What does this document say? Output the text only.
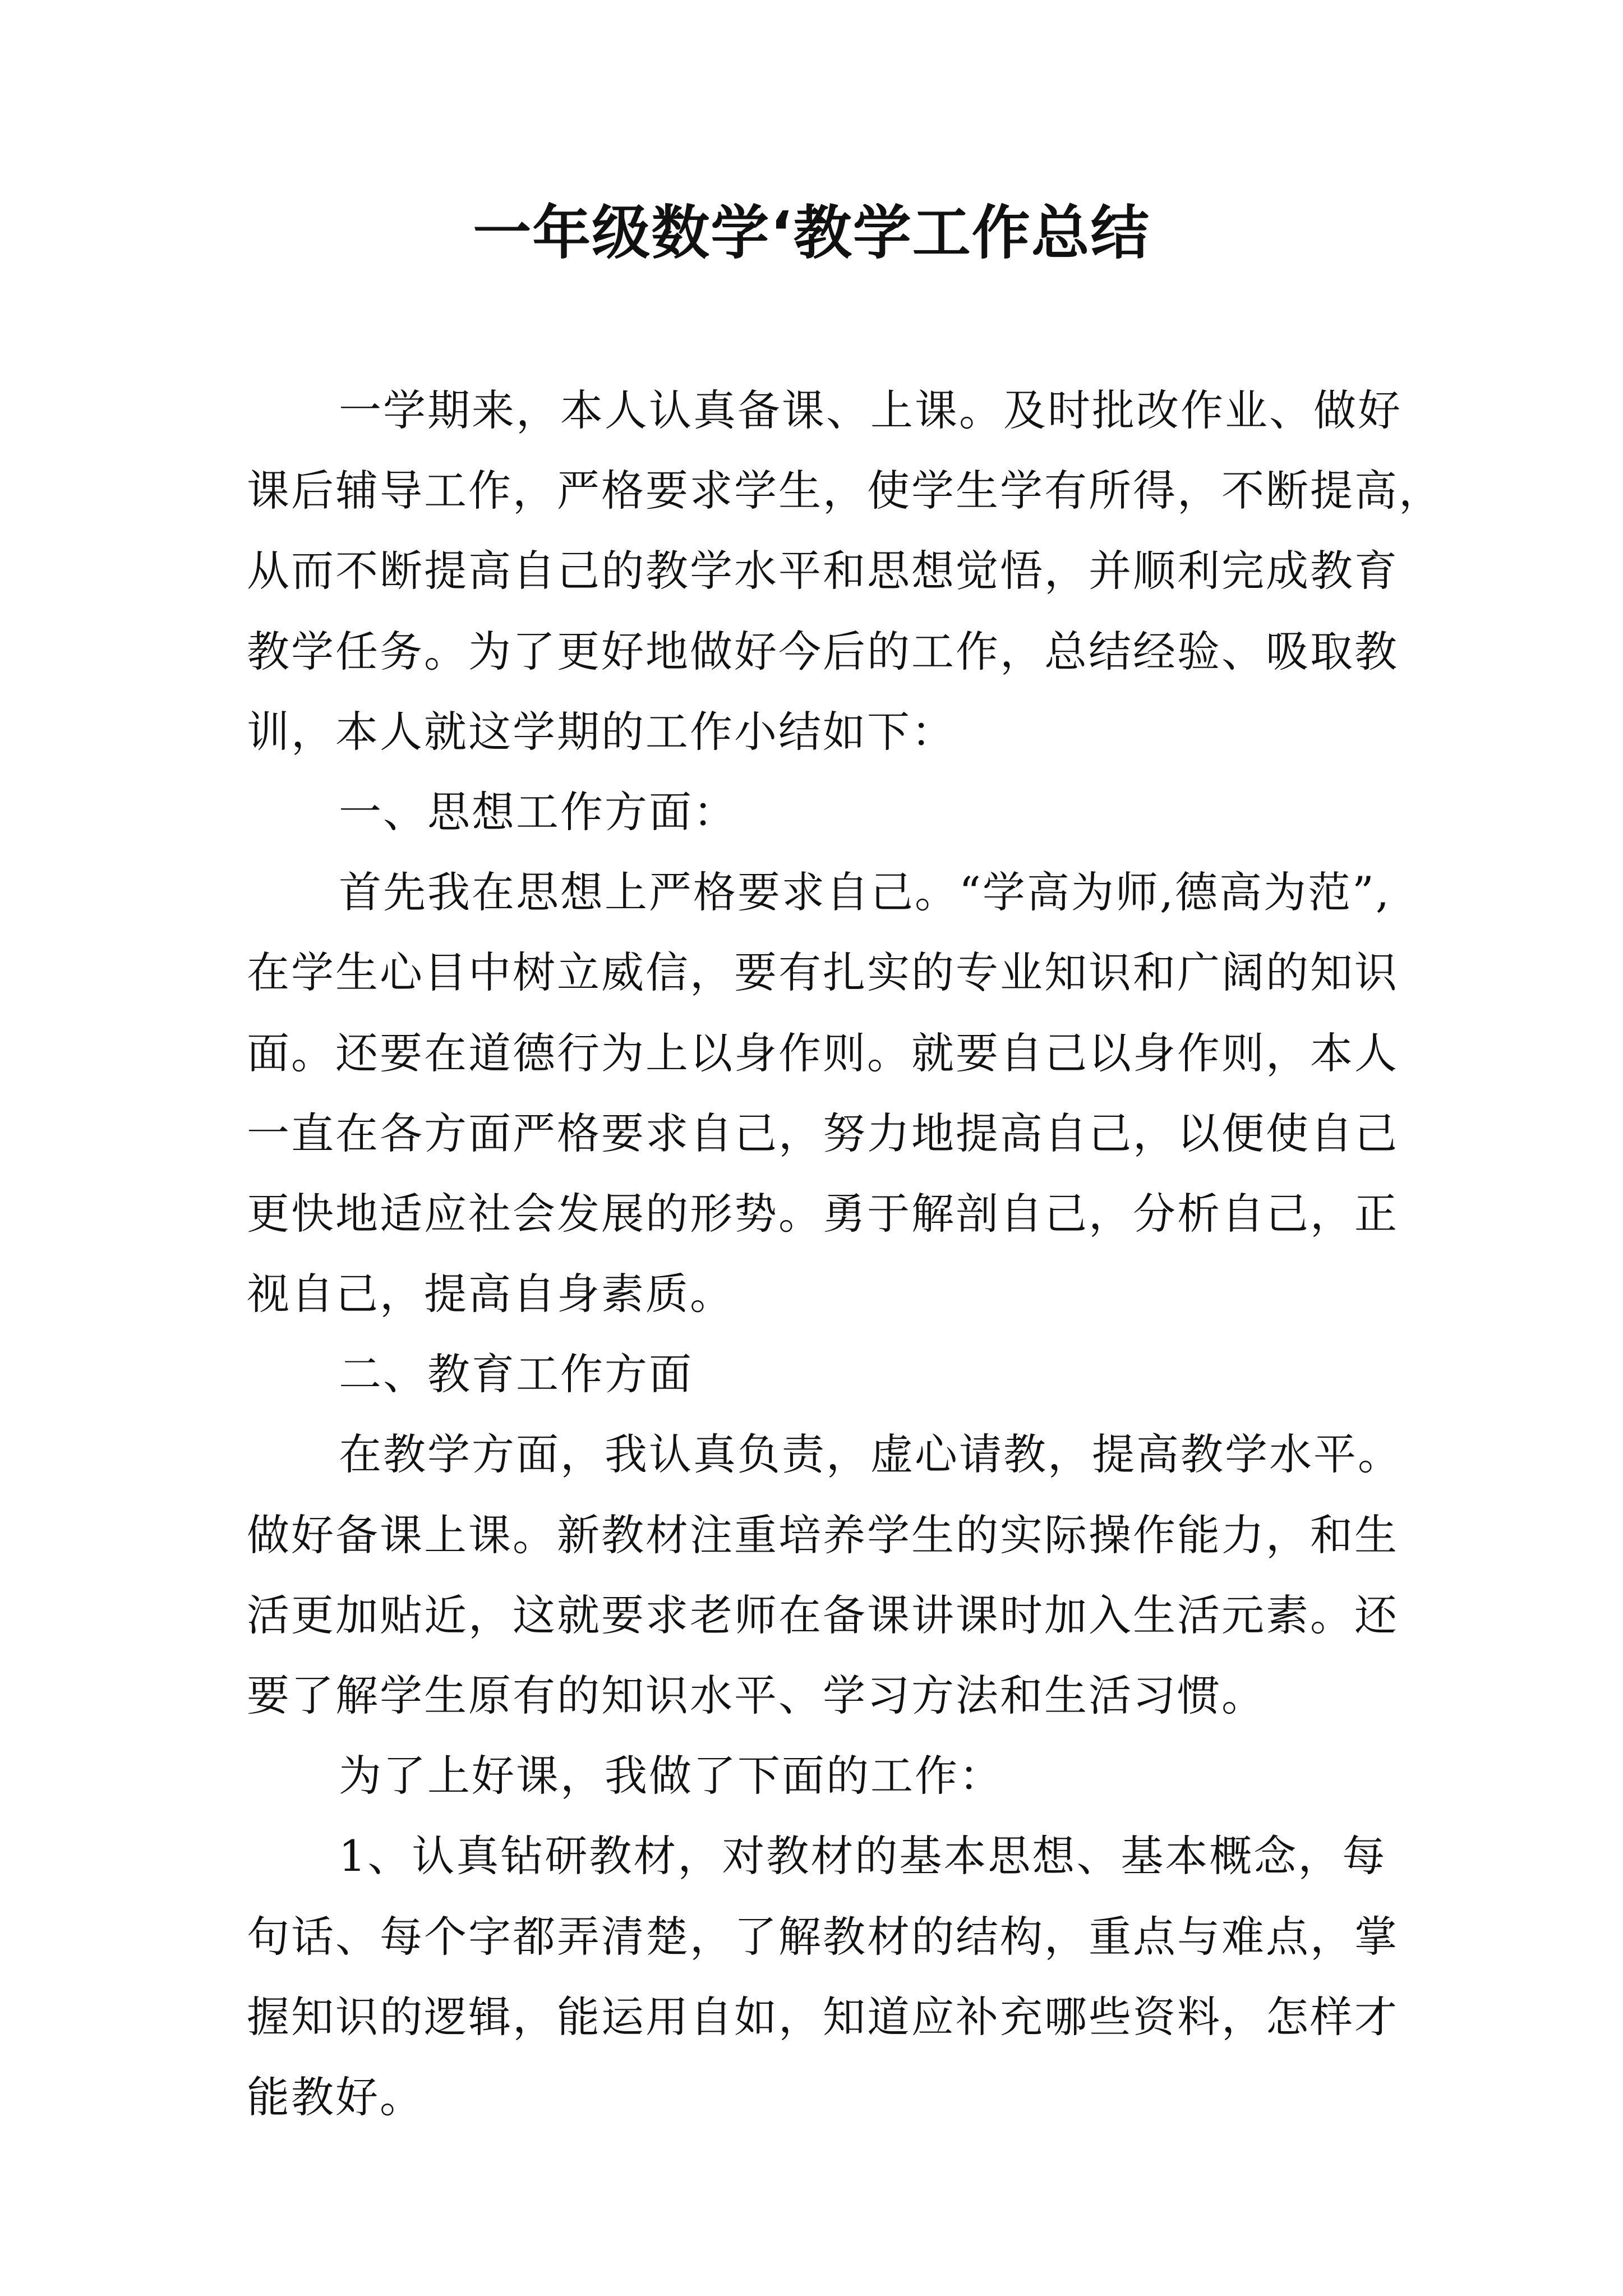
一年级数学‘教学工作总结

一学期来，本人认真备课、上课。及时批改作业、做好

课后辅导工作，严格要求学生，使学生学有所得，不断提高，

从而不断提高自己的教学水平和思想觉悟，并顺利完成教育

教学任务。为了更好地做好今后的工作，总结经验、吸取教

训，本人就这学期的工作小结如下：

一、思想工作方面：

首先我在思想上严格要求自己。“学高为师,德高为范”,

在学生心目中树立威信，要有扎实的专业知识和广阔的知识

面。还要在道德行为上以身作则。就要自己以身作则，本人

一直在各方面严格要求自己，努力地提高自己，以便使自己

更快地适应社会发展的形势。勇于解剖自己，分析自己，正

视自己，提高自身素质。

二、教育工作方面

在教学方面，我认真负责，虚心请教，提高教学水平。

做好备课上课。新教材注重培养学生的实际操作能力，和生

活更加贴近，这就要求老师在备课讲课时加入生活元素。还

要了解学生原有的知识水平、学习方法和生活习惯。

为了上好课，我做了下面的工作：

1、认真钻研教材，对教材的基本思想、基本概念，每

句话、每个字都弄清楚，了解教材的结构，重点与难点，掌

握知识的逻辑，能运用自如，知道应补充哪些资料，怎样才

能教好。
